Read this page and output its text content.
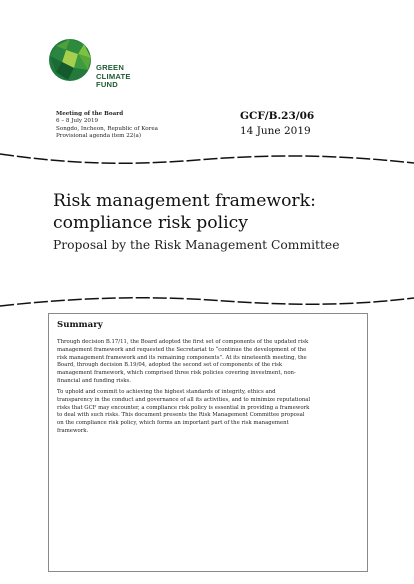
GREEN
CLIMATE
FUND
Meeting of the Board
6 – 8 July 2019
Songdo, Incheon, Republic of Korea
Provisional agenda item 22(a)
GCF/B.23/06
14 June 2019
Risk management framework:
compliance risk policy
Proposal by the Risk Management Committee
Summary

Through decision B.17/11, the Board adopted the first set of components of the updated risk
management framework and requested the Secretariat to “continue the development of the
risk management framework and its remaining components”. At its nineteenth meeting, the
Board, through decision B.19/04, adopted the second set of components of the risk
management framework, which comprised three risk policies covering investment, non-
financial and funding risks.

To uphold and commit to achieving the highest standards of integrity, ethics and
transparency in the conduct and governance of all its activities, and to minimize reputational
risks that GCF may encounter, a compliance risk policy is essential in providing a framework
to deal with such risks. This document presents the Risk Management Committee proposal
on the compliance risk policy, which forms an important part of the risk management
framework.
